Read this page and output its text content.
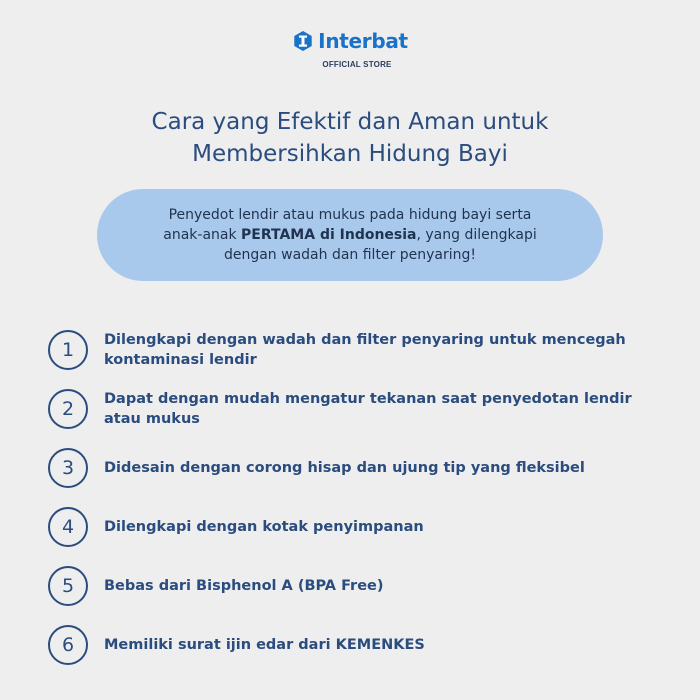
Interbat
OFFICIAL STORE
Cara yang Efektif dan Aman untuk
Membersihkan Hidung Bayi
Penyedot lendir atau mukus pada hidung bayi serta
anak-anak PERTAMA di Indonesia, yang dilengkapi
dengan wadah dan filter penyaring!
1	Dilengkapi dengan wadah dan filter penyaring untuk mencegah kontaminasi lendir
2	Dapat dengan mudah mengatur tekanan saat penyedotan lendir atau mukus
3	Didesain dengan corong hisap dan ujung tip yang fleksibel
4	Dilengkapi dengan kotak penyimpanan
5	Bebas dari Bisphenol A (BPA Free)
6	Memiliki surat ijin edar dari KEMENKES
